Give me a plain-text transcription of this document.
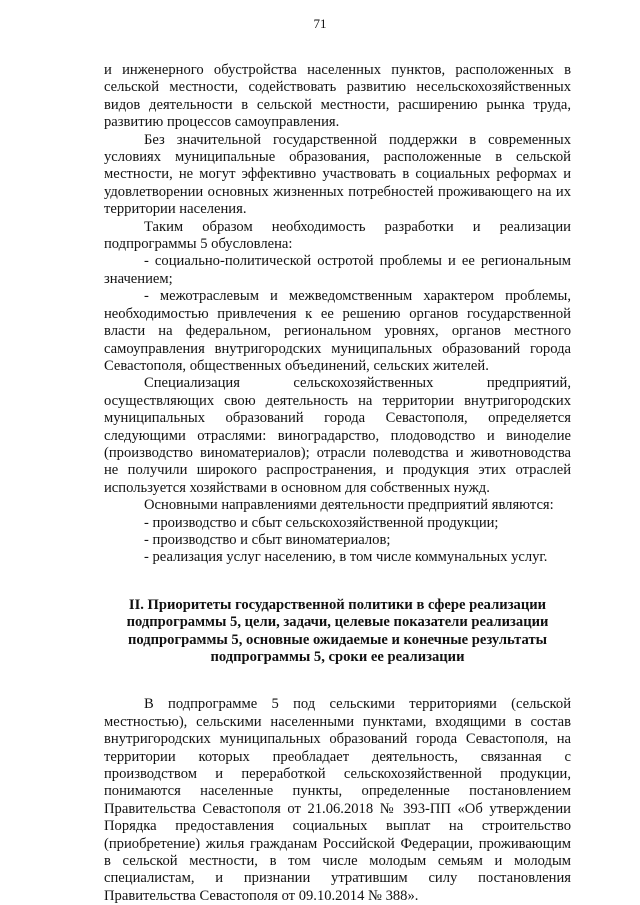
71

и инженерного обустройства населенных пунктов, расположенных в сельской местности, содействовать развитию несельскохозяйственных видов деятельности в сельской местности, расширению рынка труда, развитию процессов самоуправления.

Без значительной государственной поддержки в современных условиях муниципальные образования, расположенные в сельской местности, не могут эффективно участвовать в социальных реформах и удовлетворении основных жизненных потребностей проживающего на их территории населения.

Таким образом необходимость разработки и реализации подпрограммы 5 обусловлена:

- социально-политической остротой проблемы и ее региональным значением;

- межотраслевым и межведомственным характером проблемы, необходимостью привлечения к ее решению органов государственной власти на федеральном, региональном уровнях, органов местного самоуправления внутригородских муниципальных образований города Севастополя, общественных объединений, сельских жителей.

Специализация сельскохозяйственных предприятий, осуществляющих свою деятельность на территории внутригородских муниципальных образований города Севастополя, определяется следующими отраслями: виноградарство, плодоводство и виноделие (производство виноматериалов); отрасли полеводства и животноводства не получили широкого распространения, и продукция этих отраслей используется хозяйствами в основном для собственных нужд.

Основными направлениями деятельности предприятий являются:

- производство и сбыт сельскохозяйственной продукции;

- производство и сбыт виноматериалов;

- реализация услуг населению, в том числе коммунальных услуг.

II. Приоритеты государственной политики в сфере реализации подпрограммы 5, цели, задачи, целевые показатели реализации подпрограммы 5, основные ожидаемые и конечные результаты подпрограммы 5, сроки ее реализации

В подпрограмме 5 под сельскими территориями (сельской местностью), сельскими населенными пунктами, входящими в состав внутригородских муниципальных образований города Севастополя, на территории которых преобладает деятельность, связанная с производством и переработкой сельскохозяйственной продукции, понимаются населенные пункты, определенные постановлением Правительства Севастополя от 21.06.2018 № 393-ПП «Об утверждении Порядка предоставления социальных выплат на строительство (приобретение) жилья гражданам Российской Федерации, проживающим в сельской местности, в том числе молодым семьям и молодым специалистам, и признании утратившим силу постановления Правительства Севастополя от 09.10.2014 № 388».
